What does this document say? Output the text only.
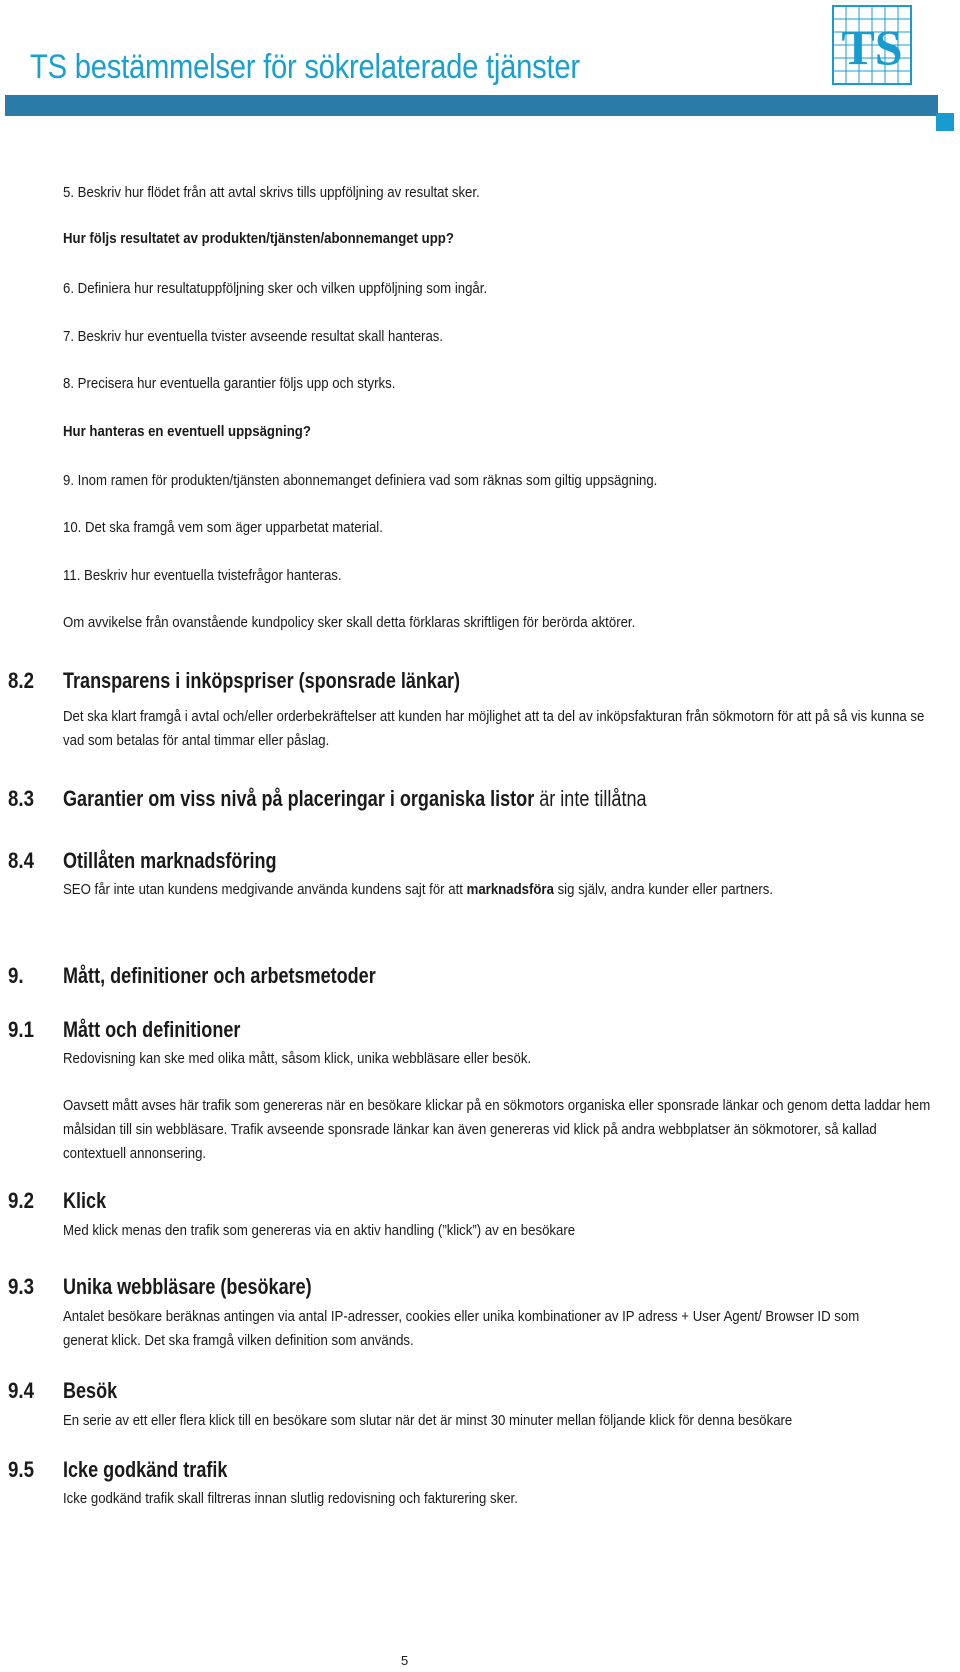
TS bestämmelser för sökrelaterade tjänster	TS
5. Beskriv hur flödet från att avtal skrivs tills uppföljning av resultat sker.
Hur följs resultatet av produkten/tjänsten/abonnemanget upp?
6. Definiera hur resultatuppföljning sker och vilken uppföljning som ingår.
7. Beskriv hur eventuella tvister avseende resultat skall hanteras.
8. Precisera hur eventuella garantier följs upp och styrks.
Hur hanteras en eventuell uppsägning?
9. Inom ramen för produkten/tjänsten abonnemanget definiera vad som räknas som giltig uppsägning.
10. Det ska framgå vem som äger upparbetat material.
11. Beskriv hur eventuella tvistefrågor hanteras.
Om avvikelse från ovanstående kundpolicy sker skall detta förklaras skriftligen för berörda aktörer.
8.2 Transparens i inköpspriser (sponsrade länkar)
Det ska klart framgå i avtal och/eller orderbekräftelser att kunden har möjlighet att ta del av inköpsfakturan från sökmotorn för att på så vis kunna se vad som betalas för antal timmar eller påslag.
8.3 Garantier om viss nivå på placeringar i organiska listor är inte tillåtna
8.4 Otillåten marknadsföring
SEO får inte utan kundens medgivande använda kundens sajt för att marknadsföra sig själv, andra kunder eller partners.
9. Mått, definitioner och arbetsmetoder
9.1 Mått och definitioner
Redovisning kan ske med olika mått, såsom klick, unika webbläsare eller besök.
Oavsett mått avses här trafik som genereras när en besökare klickar på en sökmotors organiska eller sponsrade länkar och genom detta laddar hem målsidan till sin webbläsare. Trafik avseende sponsrade länkar kan även genereras vid klick på andra webbplatser än sökmotorer, så kallad contextuell annonsering.
9.2 Klick
Med klick menas den trafik som genereras via en aktiv handling (”klick”) av en besökare
9.3 Unika webbläsare (besökare)
Antalet besökare beräknas antingen via antal IP-adresser, cookies eller unika kombinationer av IP adress + User Agent/ Browser ID som generat klick. Det ska framgå vilken definition som används.
9.4 Besök
En serie av ett eller flera klick till en besökare som slutar när det är minst 30 minuter mellan följande klick för denna besökare
9.5 Icke godkänd trafik
Icke godkänd trafik skall filtreras innan slutlig redovisning och fakturering sker.
5
